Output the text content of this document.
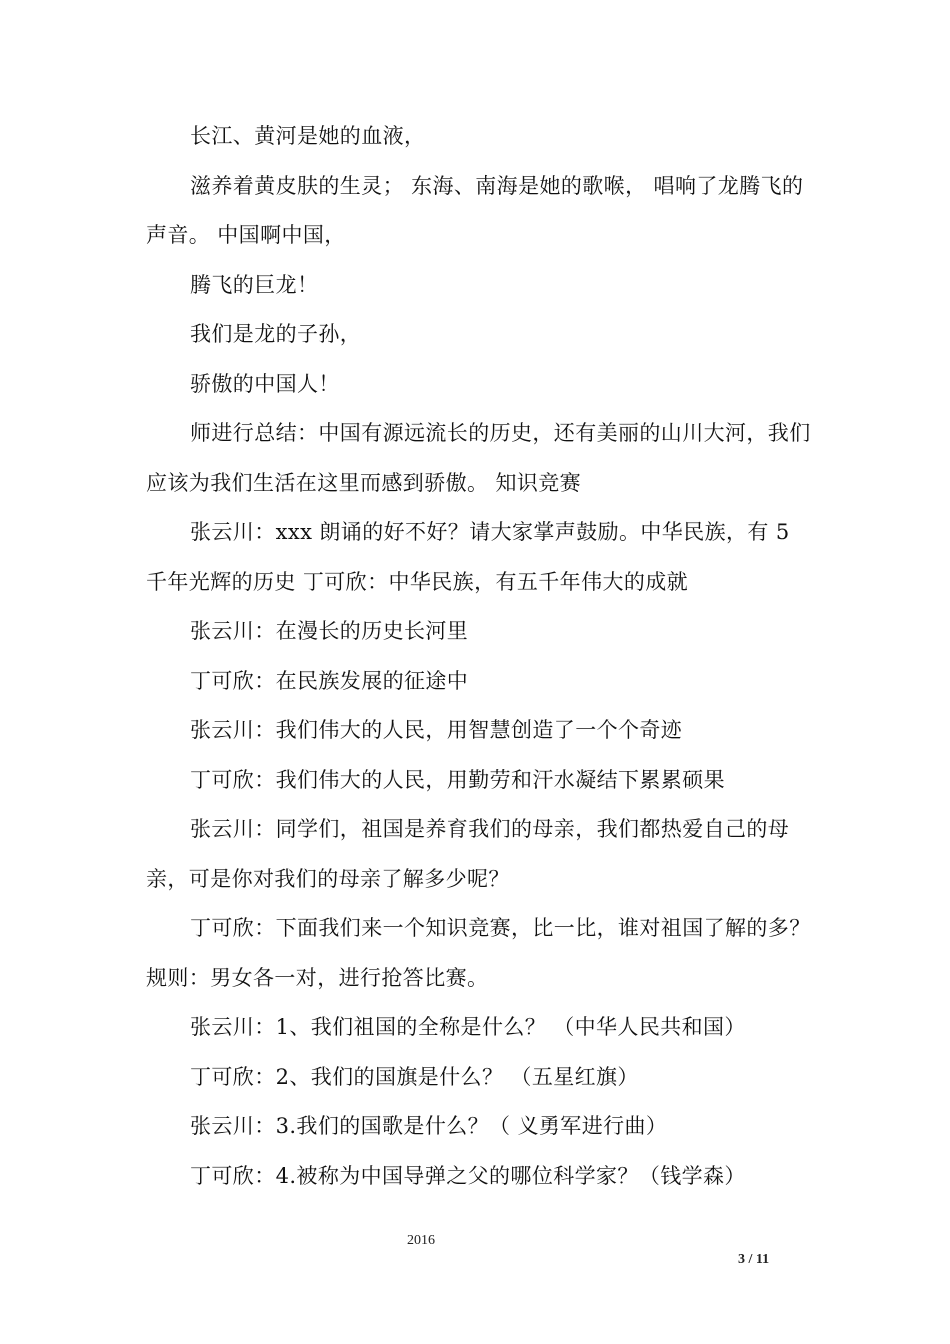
长江、黄河是她的血液，

滋养着黄皮肤的生灵； 东海、南海是她的歌喉， 唱响了龙腾飞的声音。 中国啊中国，

腾飞的巨龙！

我们是龙的子孙，

骄傲的中国人！

师进行总结：中国有源远流长的历史，还有美丽的山川大河，我们应该为我们生活在这里而感到骄傲。 知识竞赛

张云川：xxx 朗诵的好不好？请大家掌声鼓励。中华民族，有 5 千年光辉的历史 丁可欣：中华民族，有五千年伟大的成就

张云川：在漫长的历史长河里

丁可欣：在民族发展的征途中

张云川：我们伟大的人民，用智慧创造了一个个奇迹

丁可欣：我们伟大的人民，用勤劳和汗水凝结下累累硕果

张云川：同学们，祖国是养育我们的母亲，我们都热爱自己的母亲，可是你对我们的母亲了解多少呢？

丁可欣：下面我们来一个知识竞赛，比一比，谁对祖国了解的多？规则：男女各一对，进行抢答比赛。

张云川：1、我们祖国的全称是什么？ （中华人民共和国）

丁可欣：2、我们的国旗是什么？ （五星红旗）

张云川：3.我们的国歌是什么？（ 义勇军进行曲）

丁可欣：4.被称为中国导弹之父的哪位科学家？（钱学森）

2016
3 / 11
